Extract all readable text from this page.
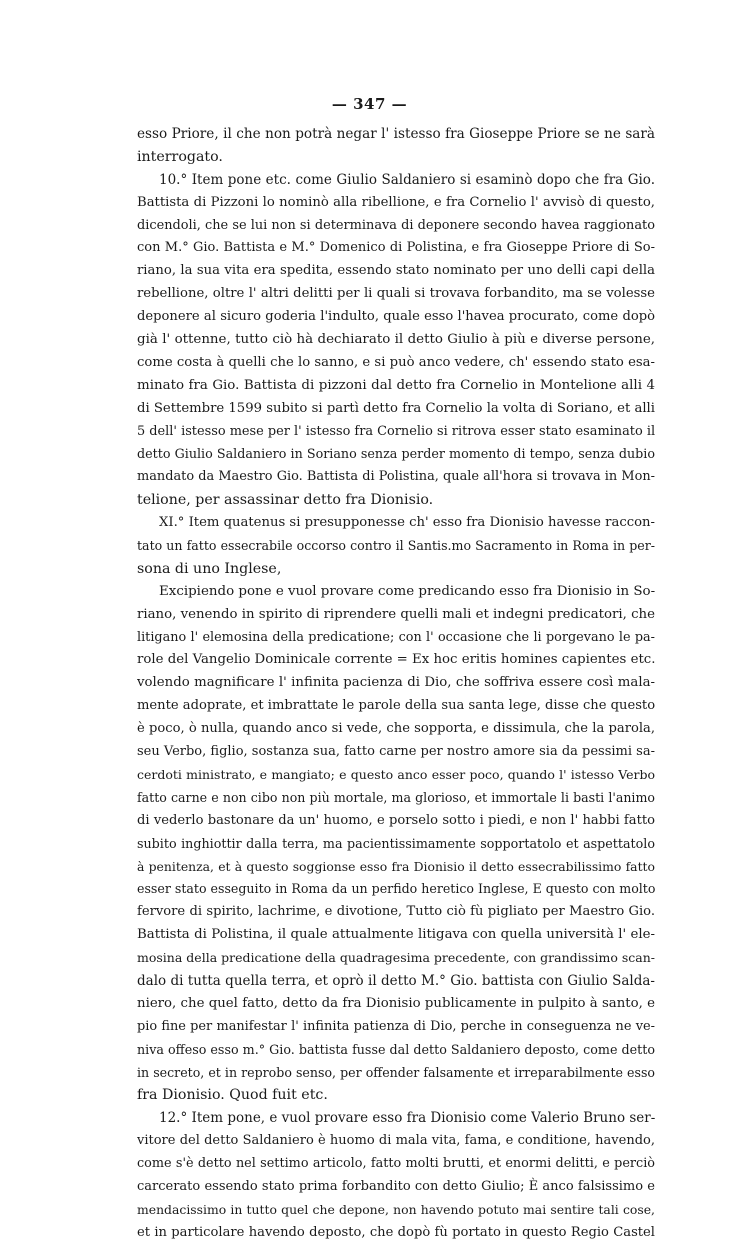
— 347 —
esso Priore, il che non potrà negar l' istesso fra Gioseppe Priore se ne sarà
interrogato.
10.° Item pone etc. come Giulio Saldaniero si esaminò dopo che fra Gio.
Battista di Pizzoni lo nominò alla ribellione, e fra Cornelio l' avvisò di questo,
dicendoli, che se lui non si determinava di deponere secondo havea raggionato
con M.° Gio. Battista e M.° Domenico di Polistina, e fra Gioseppe Priore di So-
riano, la sua vita era spedita, essendo stato nominato per uno delli capi della
rebellione, oltre l' altri delitti per li quali si trovava forbandito, ma se volesse
deponere al sicuro goderia l'indulto, quale esso l'havea procurato, come dopò
già l' ottenne, tutto ciò hà dechiarato il detto Giulio à più e diverse persone,
come costa à quelli che lo sanno, e si può anco vedere, ch' essendo stato esa-
minato fra Gio. Battista di pizzoni dal detto fra Cornelio in Montelione alli 4
di Settembre 1599 subito si partì detto fra Cornelio la volta di Soriano, et alli
5 dell' istesso mese per l' istesso fra Cornelio si ritrova esser stato esaminato il
detto Giulio Saldaniero in Soriano senza perder momento di tempo, senza dubio
mandato da Maestro Gio. Battista di Polistina, quale all'hora si trovava in Mon-
telione, per assassinar detto fra Dionisio.
XI.° Item quatenus si presupponesse ch' esso fra Dionisio havesse raccon-
tato un fatto essecrabile occorso contro il Santis.mo Sacramento in Roma in per-
sona di uno Inglese,
Excipiendo pone e vuol provare come predicando esso fra Dionisio in So-
riano, venendo in spirito di riprendere quelli mali et indegni predicatori, che
litigano l' elemosina della predicatione; con l' occasione che li porgevano le pa-
role del Vangelio Dominicale corrente = Ex hoc eritis homines capientes etc.
volendo magnificare l' infinita pacienza di Dio, che soffriva essere così mala-
mente adoprate, et imbrattate le parole della sua santa lege, disse che questo
è poco, ò nulla, quando anco si vede, che sopporta, e dissimula, che la parola,
seu Verbo, figlio, sostanza sua, fatto carne per nostro amore sia da pessimi sa-
cerdoti ministrato, e mangiato; e questo anco esser poco, quando l' istesso Verbo
fatto carne e non cibo non più mortale, ma glorioso, et immortale li basti l'animo
di vederlo bastonare da un' huomo, e porselo sotto i piedi, e non l' habbi fatto
subito inghiottir dalla terra, ma pacientissimamente sopportatolo et aspettatolo
à penitenza, et à questo soggionse esso fra Dionisio il detto essecrabilissimo fatto
esser stato esseguito in Roma da un perfido heretico Inglese, E questo con molto
fervore di spirito, lachrime, e divotione, Tutto ciò fù pigliato per Maestro Gio.
Battista di Polistina, il quale attualmente litigava con quella università l' ele-
mosina della predicatione della quadragesima precedente, con grandissimo scan-
dalo di tutta quella terra, et oprò il detto M.° Gio. battista con Giulio Salda-
niero, che quel fatto, detto da fra Dionisio publicamente in pulpito à santo, e
pio fine per manifestar l' infinita patienza di Dio, perche in conseguenza ne ve-
niva offeso esso m.° Gio. battista fusse dal detto Saldaniero deposto, come detto
in secreto, et in reprobo senso, per offender falsamente et irreparabilmente esso
fra Dionisio. Quod fuit etc.
12.° Item pone, e vuol provare esso fra Dionisio come Valerio Bruno ser-
vitore del detto Saldaniero è huomo di mala vita, fama, e conditione, havendo,
come s'è detto nel settimo articolo, fatto molti brutti, et enormi delitti, e perciò
carcerato essendo stato prima forbandito con detto Giulio; È anco falsissimo e
mendacissimo in tutto quel che depone, non havendo potuto mai sentire tali cose,
et in particolare havendo deposto, che dopò fù portato in questo Regio Castel
